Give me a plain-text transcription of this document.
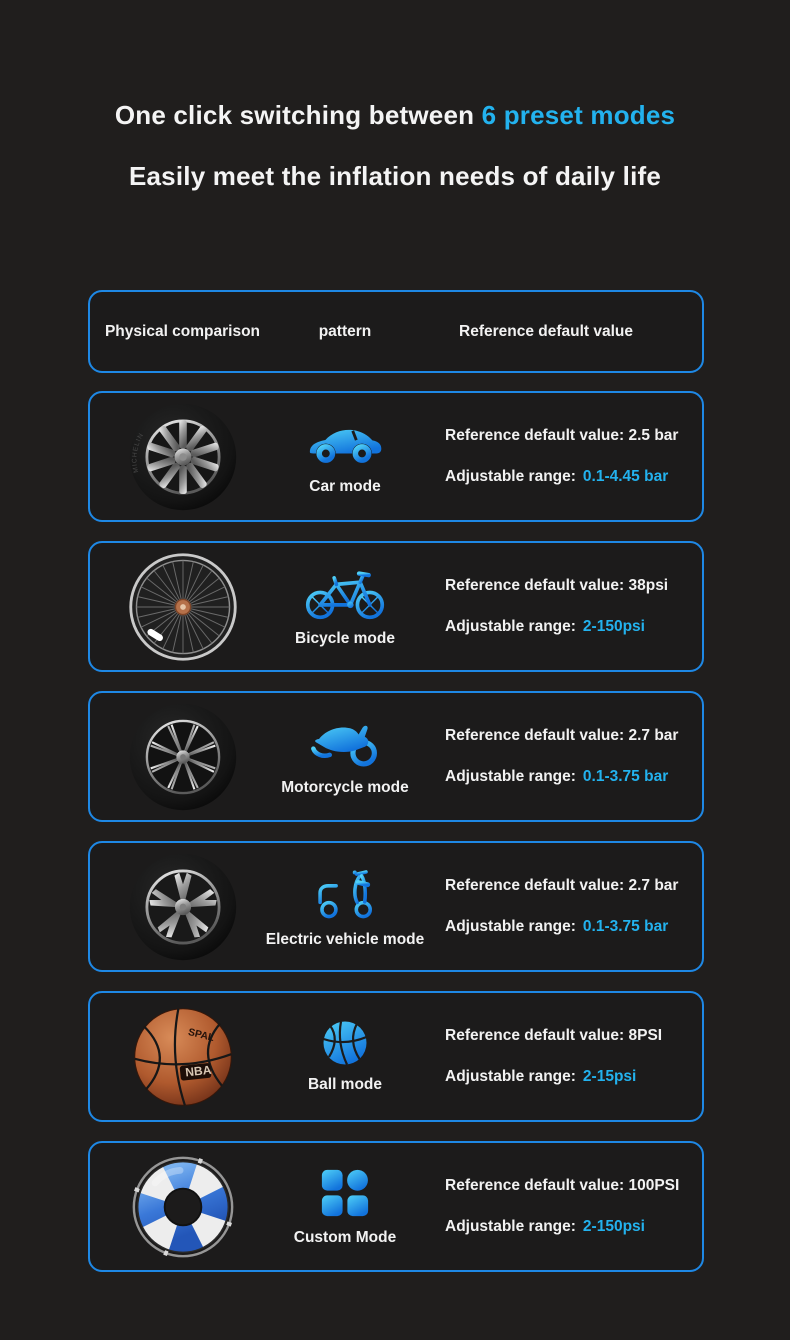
One click switching between 6 preset modes
Easily meet the inflation needs of daily life
Physical comparison	pattern	Reference default value
MICHELIN
Car mode
Reference default value: 2.5 bar
Adjustable range: 0.1-4.45 bar
Bicycle mode
Reference default value: 38psi
Adjustable range: 2-150psi
Motorcycle mode
Reference default value: 2.7 bar
Adjustable range: 0.1-3.75 bar
Electric vehicle mode
Reference default value: 2.7 bar
Adjustable range: 0.1-3.75 bar
SPAL
NBA
Ball mode
Reference default value: 8PSI
Adjustable range: 2-15psi
Custom Mode
Reference default value: 100PSI
Adjustable range: 2-150psi
